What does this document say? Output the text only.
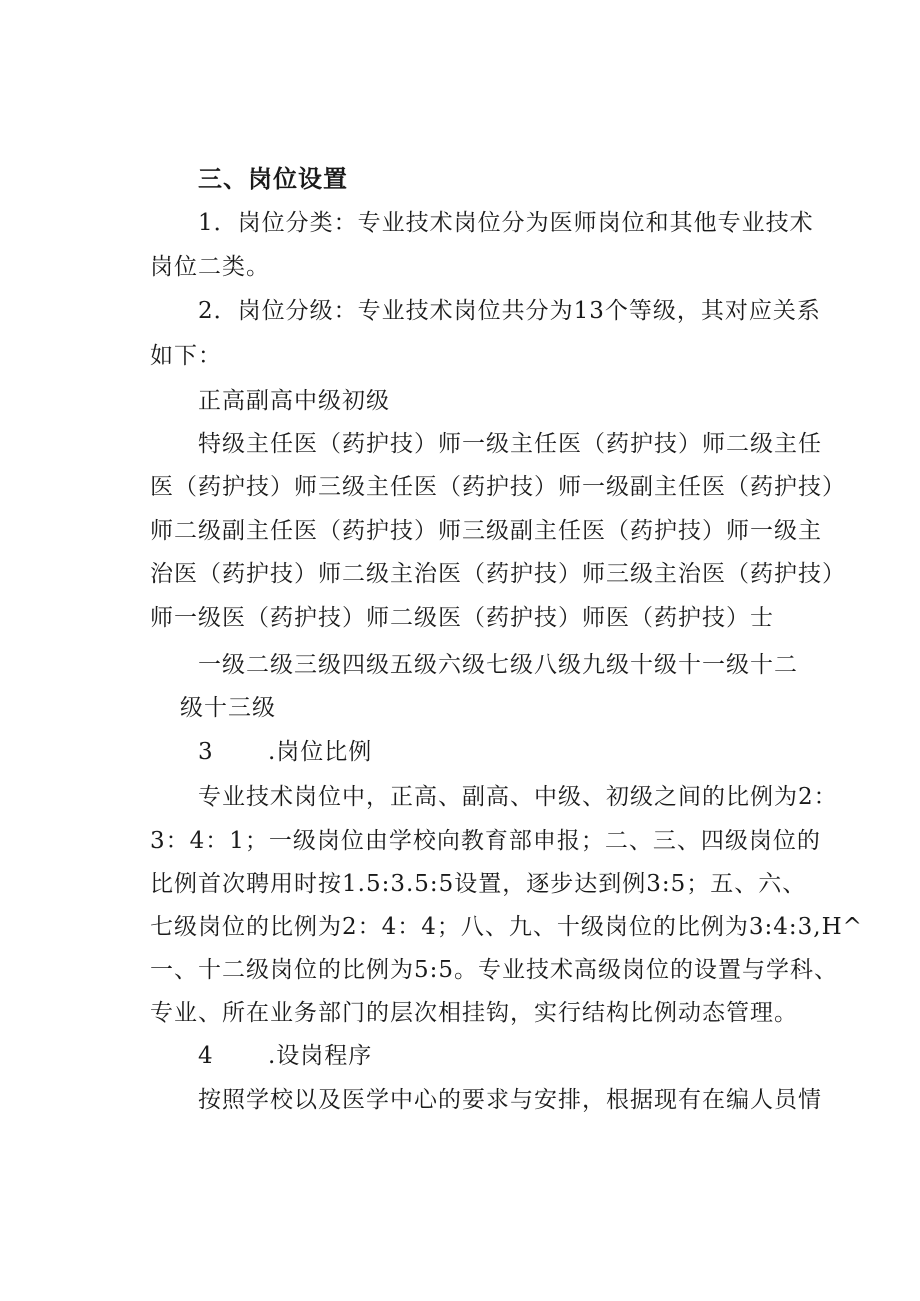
三、岗位设置
1．岗位分类：专业技术岗位分为医师岗位和其他专业技术
岗位二类。
2．岗位分级：专业技术岗位共分为13个等级，其对应关系
如下：
正高副高中级初级
特级主任医（药护技）师一级主任医（药护技）师二级主任
医（药护技）师三级主任医（药护技）师一级副主任医（药护技）
师二级副主任医（药护技）师三级副主任医（药护技）师一级主
治医（药护技）师二级主治医（药护技）师三级主治医（药护技）
师一级医（药护技）师二级医（药护技）师医（药护技）士
一级二级三级四级五级六级七级八级九级十级十一级十二
级十三级
3 .岗位比例
专业技术岗位中，正高、副高、中级、初级之间的比例为2：
3：4：1；一级岗位由学校向教育部申报；二、三、四级岗位的
比例首次聘用时按1.5:3.5:5设置，逐步达到例3:5；五、六、
七级岗位的比例为2：4：4；八、九、十级岗位的比例为3:4:3,H^
一、十二级岗位的比例为5:5。专业技术高级岗位的设置与学科、
专业、所在业务部门的层次相挂钩，实行结构比例动态管理。
4 .设岗程序
按照学校以及医学中心的要求与安排，根据现有在编人员情
